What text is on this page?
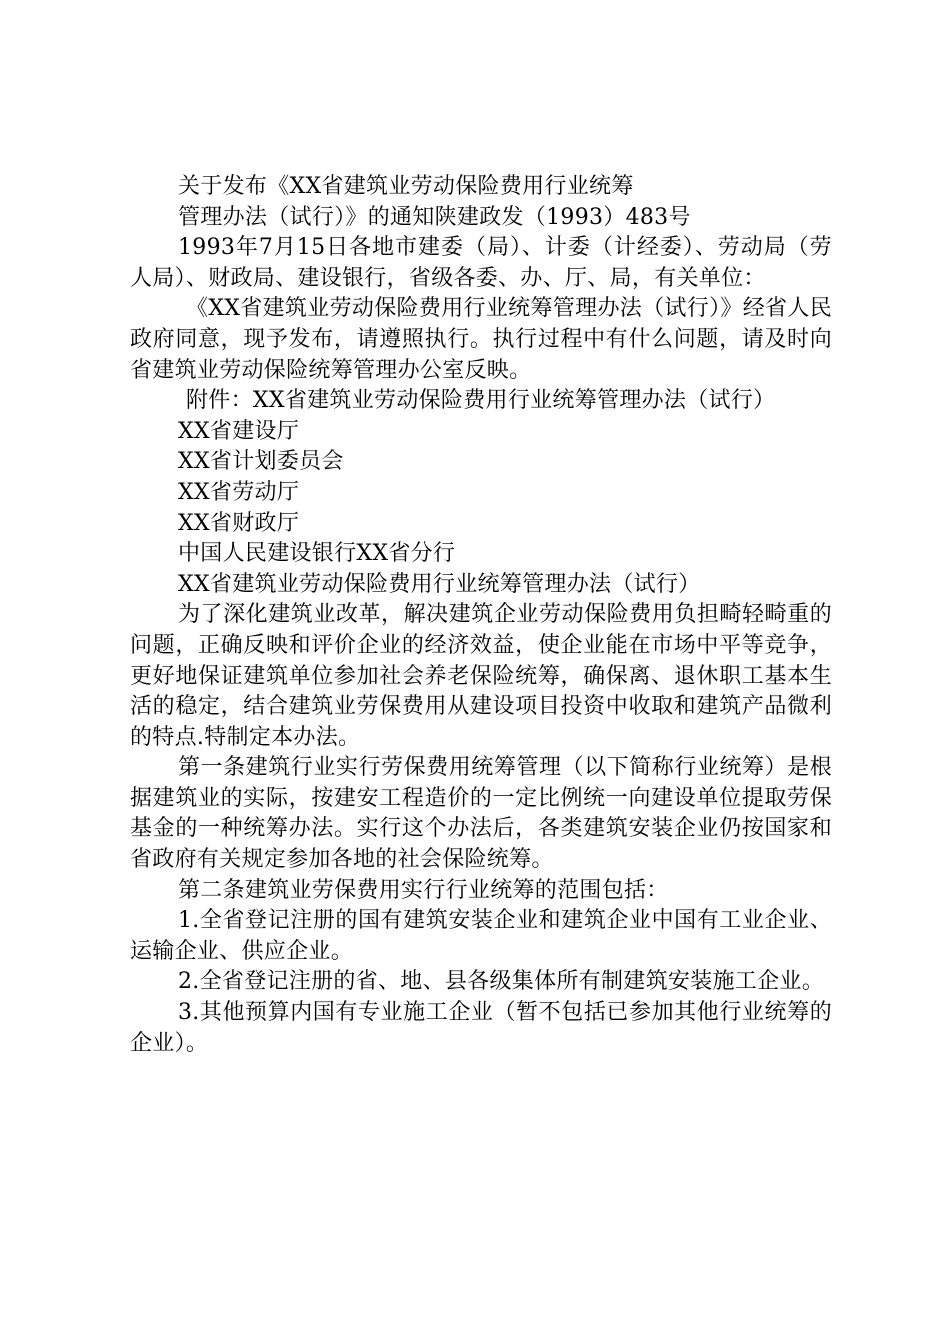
关于发布《XX省建筑业劳动保险费用行业统筹

管理办法（试行）》的通知陕建政发（1993）483号

1993年7月15日各地市建委（局）、计委（计经委）、劳动局（劳人局）、财政局、建设银行，省级各委、办、厅、局，有关单位：

《XX省建筑业劳动保险费用行业统筹管理办法（试行）》经省人民政府同意，现予发布，请遵照执行。执行过程中有什么问题，请及时向省建筑业劳动保险统筹管理办公室反映。

附件：XX省建筑业劳动保险费用行业统筹管理办法（试行）

XX省建设厅

XX省计划委员会

XX省劳动厅

XX省财政厅

中国人民建设银行XX省分行

XX省建筑业劳动保险费用行业统筹管理办法（试行）

为了深化建筑业改革，解决建筑企业劳动保险费用负担畸轻畸重的问题，正确反映和评价企业的经济效益，使企业能在市场中平等竞争，更好地保证建筑单位参加社会养老保险统筹，确保离、退休职工基本生活的稳定，结合建筑业劳保费用从建设项目投资中收取和建筑产品微利的特点.特制定本办法。

第一条建筑行业实行劳保费用统筹管理（以下简称行业统筹）是根据建筑业的实际，按建安工程造价的一定比例统一向建设单位提取劳保基金的一种统筹办法。实行这个办法后，各类建筑安装企业仍按国家和省政府有关规定参加各地的社会保险统筹。

第二条建筑业劳保费用实行行业统筹的范围包括：

1.全省登记注册的国有建筑安装企业和建筑企业中国有工业企业、运输企业、供应企业。

2.全省登记注册的省、地、县各级集体所有制建筑安装施工企业。

3.其他预算内国有专业施工企业（暂不包括已参加其他行业统筹的企业）。
